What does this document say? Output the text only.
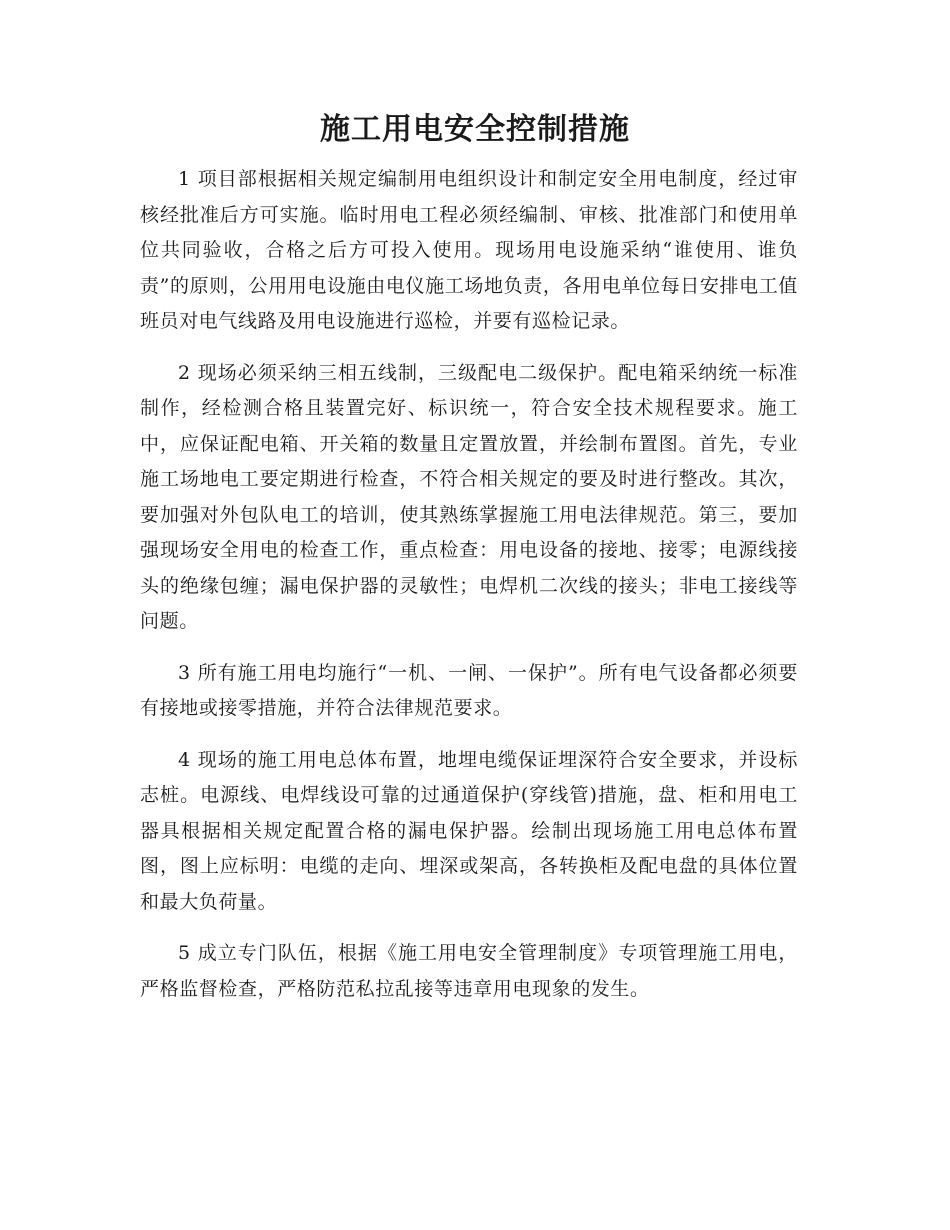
施工用电安全控制措施

1 项目部根据相关规定编制用电组织设计和制定安全用电制度，经过审核经批准后方可实施。临时用电工程必须经编制、审核、批准部门和使用单位共同验收，合格之后方可投入使用。现场用电设施采纳“谁使用、谁负责”的原则，公用用电设施由电仪施工场地负责，各用电单位每日安排电工值班员对电气线路及用电设施进行巡检，并要有巡检记录。

2 现场必须采纳三相五线制，三级配电二级保护。配电箱采纳统一标准制作，经检测合格且装置完好、标识统一，符合安全技术规程要求。施工中，应保证配电箱、开关箱的数量且定置放置，并绘制布置图。首先，专业施工场地电工要定期进行检查，不符合相关规定的要及时进行整改。其次，要加强对外包队电工的培训，使其熟练掌握施工用电法律规范。第三，要加强现场安全用电的检查工作，重点检查：用电设备的接地、接零；电源线接头的绝缘包缠；漏电保护器的灵敏性；电焊机二次线的接头；非电工接线等问题。

3 所有施工用电均施行“一机、一闸、一保护”。所有电气设备都必须要有接地或接零措施，并符合法律规范要求。

4 现场的施工用电总体布置，地埋电缆保证埋深符合安全要求，并设标志桩。电源线、电焊线设可靠的过通道保护(穿线管)措施，盘、柜和用电工器具根据相关规定配置合格的漏电保护器。绘制出现场施工用电总体布置图，图上应标明：电缆的走向、埋深或架高，各转换柜及配电盘的具体位置和最大负荷量。

5 成立专门队伍，根据《施工用电安全管理制度》专项管理施工用电，严格监督检查，严格防范私拉乱接等违章用电现象的发生。
